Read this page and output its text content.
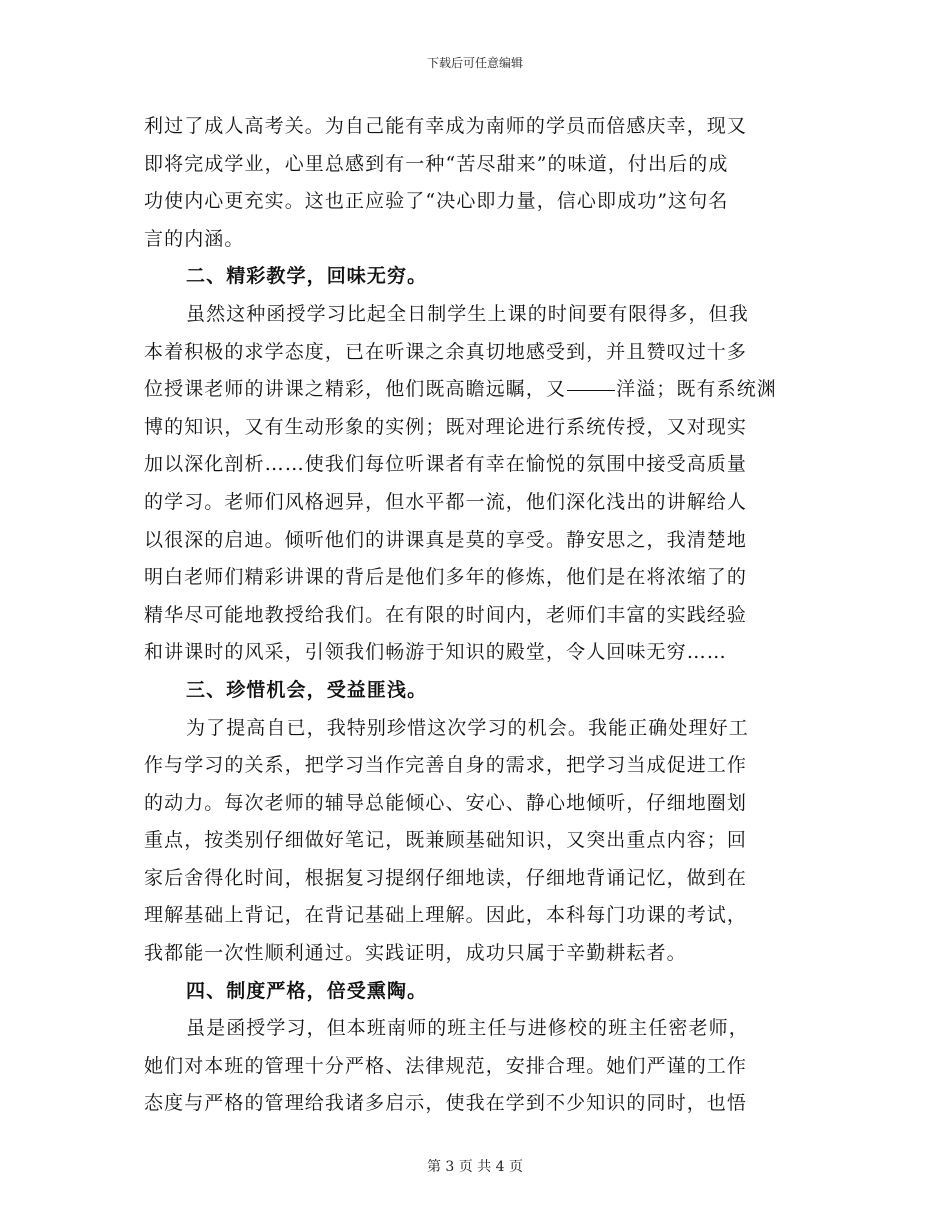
下载后可任意编辑
利过了成人高考关。为自己能有幸成为南师的学员而倍感庆幸，现又
即将完成学业，心里总感到有一种“苦尽甜来”的味道，付出后的成
功使内心更充实。这也正应验了“决心即力量，信心即成功”这句名
言的内涵。
二、精彩教学，回味无穷。
虽然这种函授学习比起全日制学生上课的时间要有限得多，但我
本着积极的求学态度，已在听课之余真切地感受到，并且赞叹过十多
位授课老师的讲课之精彩，他们既高瞻远瞩，又	洋溢；既有系统渊
博的知识，又有生动形象的实例；既对理论进行系统传授，又对现实
加以深化剖析……使我们每位听课者有幸在愉悦的氛围中接受高质量
的学习。老师们风格迥异，但水平都一流，他们深化浅出的讲解给人
以很深的启迪。倾听他们的讲课真是莫的享受。静安思之，我清楚地
明白老师们精彩讲课的背后是他们多年的修炼，他们是在将浓缩了的
精华尽可能地教授给我们。在有限的时间内，老师们丰富的实践经验
和讲课时的风采，引领我们畅游于知识的殿堂，令人回味无穷……
三、珍惜机会，受益匪浅。
为了提高自已，我特别珍惜这次学习的机会。我能正确处理好工
作与学习的关系，把学习当作完善自身的需求，把学习当成促进工作
的动力。每次老师的辅导总能倾心、安心、静心地倾听，仔细地圈划
重点，按类别仔细做好笔记，既兼顾基础知识，又突出重点内容；回
家后舍得化时间，根据复习提纲仔细地读，仔细地背诵记忆，做到在
理解基础上背记，在背记基础上理解。因此，本科每门功课的考试，
我都能一次性顺利通过。实践证明，成功只属于辛勤耕耘者。
四、制度严格，倍受熏陶。
虽是函授学习，但本班南师的班主任与进修校的班主任密老师，
她们对本班的管理十分严格、法律规范，安排合理。她们严谨的工作
态度与严格的管理给我诸多启示，使我在学到不少知识的同时，也悟
第 3 页 共 4 页
